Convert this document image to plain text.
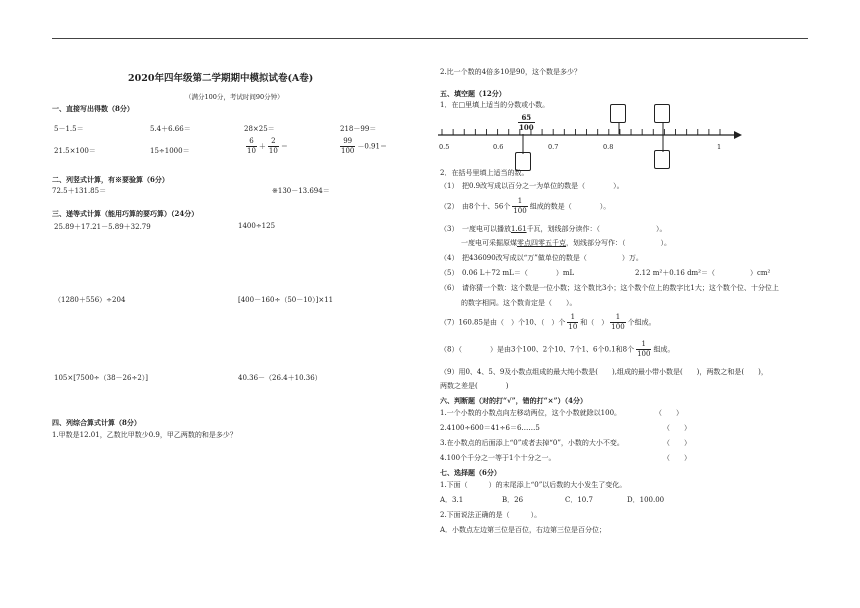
2020年四年级第二学期期中模拟试卷(A卷)
（满分100分，考试时间90分钟）
一、直接写出得数（8分）
5－1.5＝	5.4＋6.66＝	28×25＝	218－99＝
21.5×100＝	15÷1000＝	$\frac{6}{10} + \frac{2}{10}$ ＝	$\frac{99}{100} -0.91=$
二、列竖式计算，有※要验算（6分）
72.5＋131.85＝	※130－13.694＝
三、递等式计算（能用巧算的要巧算）（24分）
25.89＋17.21－5.89＋32.79	1400÷125
（1280＋556）÷204	[400－160÷（50－10）]×11
105×[7500÷（38－26÷2）]	40.36－（26.4＋10.36）
四、列综合算式计算（8分）
1.甲数是12.01，乙数比甲数少0.9，甲乙两数的和是多少？
2.比一个数的4倍多10是90，这个数是多少？
五、填空题（12分）
1．在□里填上适当的分数或小数。
$\frac{65}{100}$
0.5	0.6	0.7	0.8	1
2．在括号里填上适当的数。
（1）　把0.9改写成以百分之一为单位的数是（　　　　）。
（2）　由8个十、56个 $\frac{1}{100}$ 组成的数是（　　　　）。
（3）　一度电可以播放1.61千瓦，划线部分读作：（　　　　　　　　）。
一度电可采掘原煤零点四零五千克，划线部分写作：（　　　　　）。
（4）　把436090改写成以“万”做单位的数是（　　　　　）万。
（5）　0.06 L＋72 mL＝（　　　　）mL	2.12 m²＋0.16 dm²＝（　　　　　）cm²
（6）　请你猜一个数：这个数是一位小数；这个数比3小；这个数个位上的数字比1大；这个数个位、十分位上
的数字相同。这个数肯定是（　　）。
（7）160.85是由（　）个10、（　）个 $\frac{1}{10}$ 和（　） $\frac{1}{100}$ 个组成。
（8）（　　　　）是由3个100、2个10、7个1、6个0.1和8个 $\frac{1}{100}$ 组成。
（9）用0、4、5、9及小数点组成的最大纯小数是(　　),组成的最小带小数是(　　)，两数之和是(　　)，
两数之差是(　　　　)
六、判断题（对的打“√”，错的打“×”）（4分）
1.一个小数的小数点向左移动两位，这个小数就除以100。	（　　）
2.4100÷600＝41÷6＝6……5	（　　）
3.在小数点的后面添上“0”或者去掉“0”，小数的大小不变。	（　　）
4.100个千分之一等于1个十分之一。	（　　）
七、选择题（6分）
1.下面（　　　）的末尾添上“0”以后数的大小发生了变化。
A．3.1	B．26	C．10.7	D．100.00
2.下面说法正确的是（　　　）。
A．小数点左边第三位是百位，右边第三位是百分位；
